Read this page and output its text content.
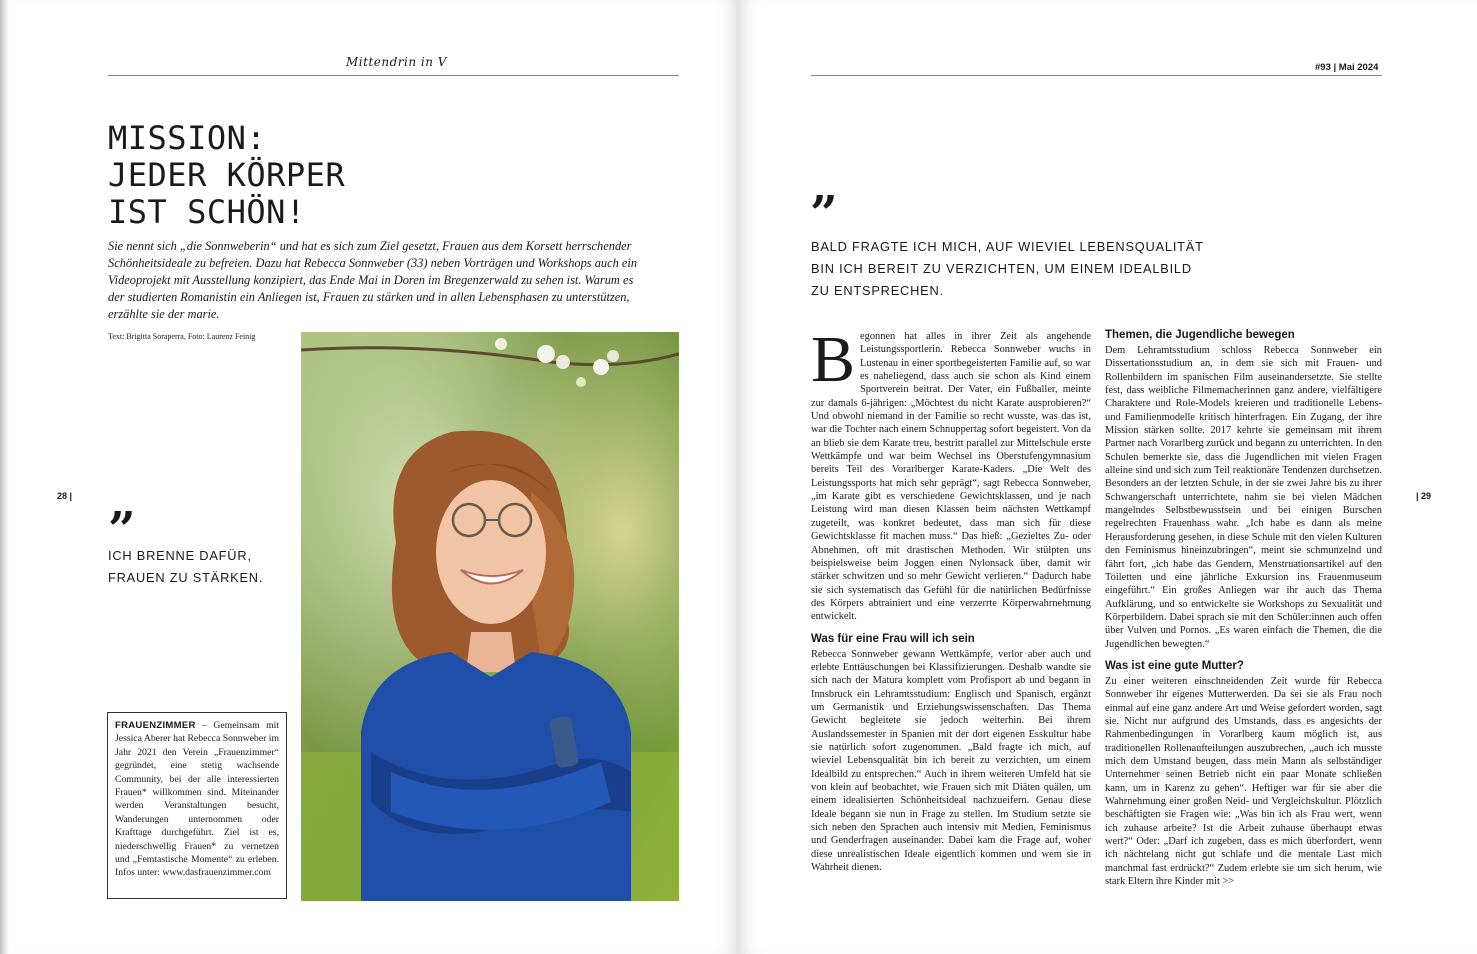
Mittendrin in V
MISSION:
JEDER KÖRPER
IST SCHÖN!

Sie nennt sich „die Sonnweberin“ und hat es sich zum Ziel gesetzt, Frauen aus dem Korsett herrschender Schönheitsideale zu befreien. Dazu hat Rebecca Sonnweber (33) neben Vorträgen und Workshops auch ein Videoprojekt mit Ausstellung konzipiert, das Ende Mai in Doren im Bregenzerwald zu sehen ist. Warum es der studierten Romanistin ein Anliegen ist, Frauen zu stärken und in allen Lebensphasen zu unterstützen, erzählte sie der marie.

Text: Brigitta Soraperra, Foto: Laurenz Feinig
28 |
”
ICH BRENNE DAFÜR,
FRAUEN ZU STÄRKEN.
FRAUENZIMMER – Gemeinsam mit Jessica Aberer hat Rebecca Sonnweber im Jahr 2021 den Verein „Frauenzimmer“ gegründet, eine stetig wachsende Community, bei der alle interessierten Frauen* willkommen sind. Miteinander werden Veranstaltungen besucht, Wanderungen unternommen oder Krafttage durchgeführt. Ziel ist es, niederschwellig Frauen* zu vernetzen und „Femtastische Momente“ zu erleben. Infos unter: www.dasfrauenzimmer.com
#93 | Mai 2024
| 29
”
BALD FRAGTE ICH MICH, AUF WIEVIEL LEBENSQUALITÄT
BIN ICH BEREIT ZU VERZICHTEN, UM EINEM IDEALBILD
ZU ENTSPRECHEN.

Begonnen hat alles in ihrer Zeit als angehende Leistungssportlerin. Rebecca Sonnweber wuchs in Lustenau in einer sportbegeisterten Familie auf, so war es naheliegend, dass auch sie schon als Kind einem Sportverein beitrat. Der Vater, ein Fußballer, meinte zur damals 6-jährigen: „Möchtest du nicht Karate ausprobieren?“ Und obwohl niemand in der Familie so recht wusste, was das ist, war die Tochter nach einem Schnuppertag sofort begeistert. Von da an blieb sie dem Karate treu, bestritt parallel zur Mittelschule erste Wettkämpfe und war beim Wechsel ins Oberstufengymnasium bereits Teil des Vorarlberger Karate-Kaders. „Die Welt des Leistungssports hat mich sehr geprägt“, sagt Rebecca Sonnweber, „im Karate gibt es verschiedene Gewichtsklassen, und je nach Leistung wird man diesen Klassen beim nächsten Wettkampf zugeteilt, was konkret bedeutet, dass man sich für diese Gewichtsklasse fit machen muss.“ Das hieß: „Gezieltes Zu- oder Abnehmen, oft mit drastischen Methoden. Wir stülpten uns beispielsweise beim Joggen einen Nylonsack über, damit wir stärker schwitzen und so mehr Gewicht verlieren.“ Dadurch habe sie sich systematisch das Gefühl für die natürlichen Bedürfnisse des Körpers abtrainiert und eine verzerrte Körperwahrnehmung entwickelt.

Was für eine Frau will ich sein

Rebecca Sonnweber gewann Wettkämpfe, verlor aber auch und erlebte Enttäuschungen bei Klassifizierungen. Deshalb wandte sie sich nach der Matura komplett vom Profisport ab und begann in Innsbruck ein Lehramtsstudium: Englisch und Spanisch, ergänzt um Germanistik und Erziehungswissenschaften. Das Thema Gewicht begleitete sie jedoch weiterhin. Bei ihrem Auslandssemester in Spanien mit der dort eigenen Esskultur habe sie natürlich sofort zugenommen. „Bald fragte ich mich, auf wieviel Lebensqualität bin ich bereit zu verzichten, um einem Idealbild zu entsprechen.“ Auch in ihrem weiteren Umfeld hat sie von klein auf beobachtet, wie Frauen sich mit Diäten quälen, um einem idealisierten Schönheitsideal nachzueifern. Genau diese Ideale begann sie nun in Frage zu stellen. Im Studium setzte sie sich neben den Sprachen auch intensiv mit Medien, Feminismus und Genderfragen auseinander. Dabei kam die Frage auf, woher diese unrealistischen Ideale eigentlich kommen und wem sie in Wahrheit dienen.

Themen, die Jugendliche bewegen

Dem Lehramtsstudium schloss Rebecca Sonnweber ein Dissertationsstudium an, in dem sie sich mit Frauen- und Rollenbildern im spanischen Film auseinandersetzte. Sie stellte fest, dass weibliche Filmemacherinnen ganz andere, vielfältigere Charaktere und Role-Models kreieren und traditionelle Lebens- und Familienmodelle kritisch hinterfragen. Ein Zugang, der ihre Mission stärken sollte. 2017 kehrte sie gemeinsam mit ihrem Partner nach Vorarlberg zurück und begann zu unterrichten. In den Schulen bemerkte sie, dass die Jugendlichen mit vielen Fragen alleine sind und sich zum Teil reaktionäre Tendenzen durchsetzen. Besonders an der letzten Schule, in der sie zwei Jahre bis zu ihrer Schwangerschaft unterrichtete, nahm sie bei vielen Mädchen mangelndes Selbstbewusstsein und bei einigen Burschen regelrechten Frauenhass wahr. „Ich habe es dann als meine Herausforderung gesehen, in diese Schule mit den vielen Kulturen den Feminismus hineinzubringen“, meint sie schmunzelnd und fährt fort, „ich habe das Gendern, Menstruationsartikel auf den Toiletten und eine jährliche Exkursion ins Frauenmuseum eingeführt.“ Ein großes Anliegen war ihr auch das Thema Aufklärung, und so entwickelte sie Workshops zu Sexualität und Körperbildern. Dabei sprach sie mit den Schüler:innen auch offen über Vulven und Pornos. „Es waren einfach die Themen, die die Jugendlichen bewegten.“

Was ist eine gute Mutter?

Zu einer weiteren einschneidenden Zeit wurde für Rebecca Sonnweber ihr eigenes Mutterwerden. Da sei sie als Frau noch einmal auf eine ganz andere Art und Weise gefordert worden, sagt sie. Nicht nur aufgrund des Umstands, dass es angesichts der Rahmenbedingungen in Vorarlberg kaum möglich ist, aus traditionellen Rollenaufteilungen auszubrechen, „auch ich musste mich dem Umstand beugen, dass mein Mann als selbständiger Unternehmer seinen Betrieb nicht ein paar Monate schließen kann, um in Karenz zu gehen“. Heftiger war für sie aber die Wahrnehmung einer großen Neid- und Vergleichskultur. Plötzlich beschäftigten sie Fragen wie: „Was bin ich als Frau wert, wenn ich zuhause arbeite? Ist die Arbeit zuhause überhaupt etwas wert?“ Oder: „Darf ich zugeben, dass es mich überfordert, wenn ich nächtelang nicht gut schlafe und die mentale Last mich manchmal fast erdrückt?“ Zudem erlebte sie um sich herum, wie stark Eltern ihre Kinder mit >>
